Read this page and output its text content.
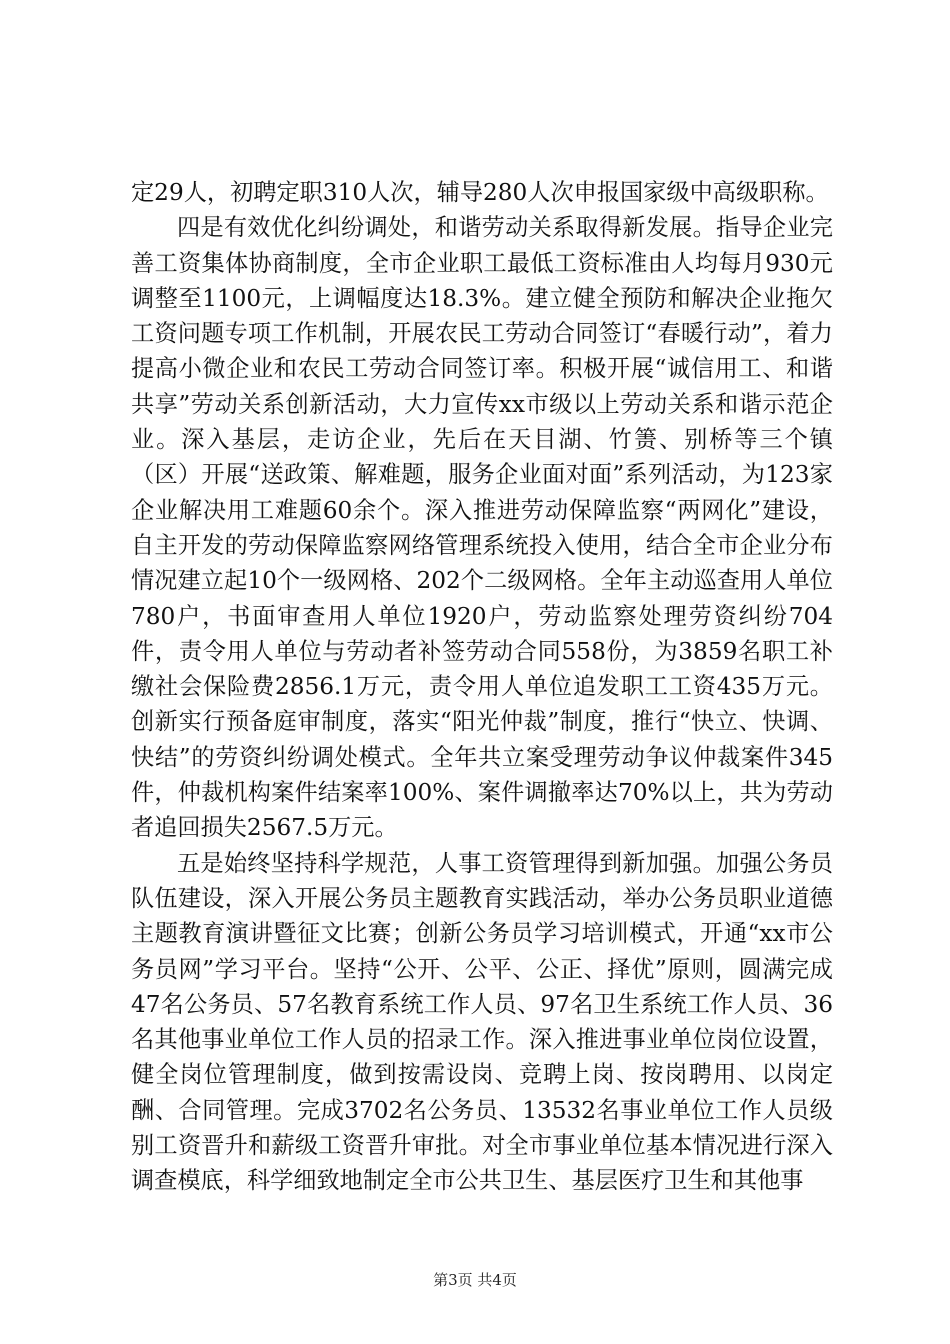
定29人，初聘定职310人次，辅导280人次申报国家级中高级职称。

四是有效优化纠纷调处，和谐劳动关系取得新发展。指导企业完善工资集体协商制度，全市企业职工最低工资标准由人均每月930元调整至1100元，上调幅度达18.3%。建立健全预防和解决企业拖欠工资问题专项工作机制，开展农民工劳动合同签订“春暖行动”，着力提高小微企业和农民工劳动合同签订率。积极开展“诚信用工、和谐共享”劳动关系创新活动，大力宣传xx市级以上劳动关系和谐示范企业。深入基层，走访企业，先后在天目湖、竹箦、别桥等三个镇（区）开展“送政策、解难题，服务企业面对面”系列活动，为123家企业解决用工难题60余个。深入推进劳动保障监察“两网化”建设，自主开发的劳动保障监察网络管理系统投入使用，结合全市企业分布情况建立起10个一级网格、202个二级网格。全年主动巡查用人单位780户，书面审查用人单位1920户，劳动监察处理劳资纠纷704件，责令用人单位与劳动者补签劳动合同558份，为3859名职工补缴社会保险费2856.1万元，责令用人单位追发职工工资435万元。创新实行预备庭审制度，落实“阳光仲裁”制度，推行“快立、快调、快结”的劳资纠纷调处模式。全年共立案受理劳动争议仲裁案件345件，仲裁机构案件结案率100%、案件调撤率达70%以上，共为劳动者追回损失2567.5万元。

五是始终坚持科学规范，人事工资管理得到新加强。加强公务员队伍建设，深入开展公务员主题教育实践活动，举办公务员职业道德主题教育演讲暨征文比赛；创新公务员学习培训模式，开通“xx市公务员网”学习平台。坚持“公开、公平、公正、择优”原则，圆满完成47名公务员、57名教育系统工作人员、97名卫生系统工作人员、36名其他事业单位工作人员的招录工作。深入推进事业单位岗位设置，健全岗位管理制度，做到按需设岗、竞聘上岗、按岗聘用、以岗定酬、合同管理。完成3702名公务员、13532名事业单位工作人员级别工资晋升和薪级工资晋升审批。对全市事业单位基本情况进行深入调查模底，科学细致地制定全市公共卫生、基层医疗卫生和其他事

第3页 共4页
